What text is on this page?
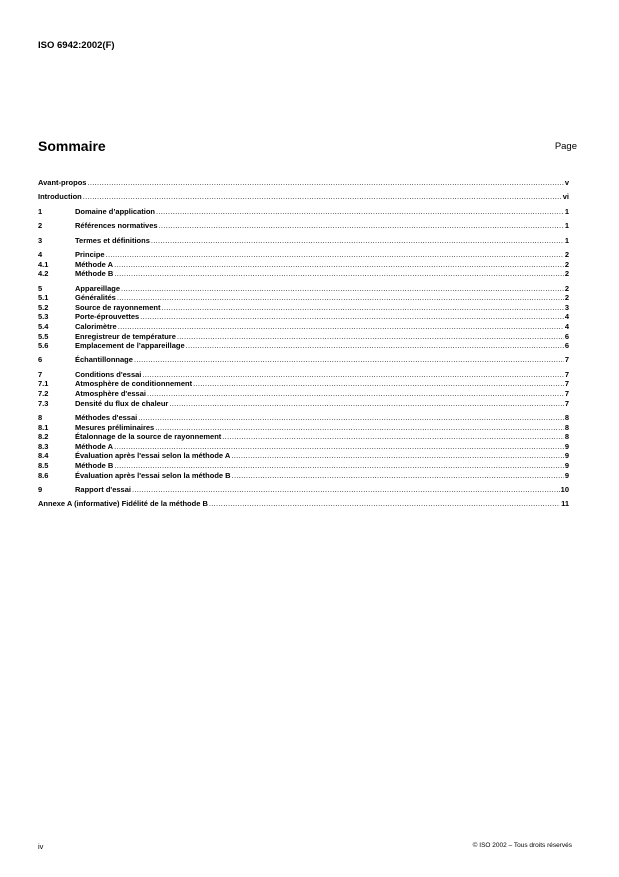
ISO 6942:2002(F)
Sommaire	Page
Avant-propos .....	v
Introduction .....	vi
1	Domaine d’application .....	1
2	Références normatives .....	1
3	Termes et définitions .....	1
4	Principe .....	2
4.1	Méthode A .....	2
4.2	Méthode B .....	2
5	Appareillage .....	2
5.1	Généralités .....	2
5.2	Source de rayonnement .....	3
5.3	Porte-éprouvettes .....	4
5.4	Calorimètre .....	4
5.5	Enregistreur de température .....	6
5.6	Emplacement de l’appareillage .....	6
6	Échantillonnage .....	7
7	Conditions d'essai .....	7
7.1	Atmosphère de conditionnement .....	7
7.2	Atmosphère d'essai .....	7
7.3	Densité du flux de chaleur .....	7
8	Méthodes d'essai .....	8
8.1	Mesures préliminaires .....	8
8.2	Étalonnage de la source de rayonnement .....	8
8.3	Méthode A .....	9
8.4	Évaluation après l'essai selon la méthode A .....	9
8.5	Méthode B .....	9
8.6	Évaluation après l'essai selon la méthode B .....	9
9	Rapport d'essai .....	10
Annexe A (informative) Fidélité de la méthode B .....	11
iv	© ISO 2002 – Tous droits réservés
